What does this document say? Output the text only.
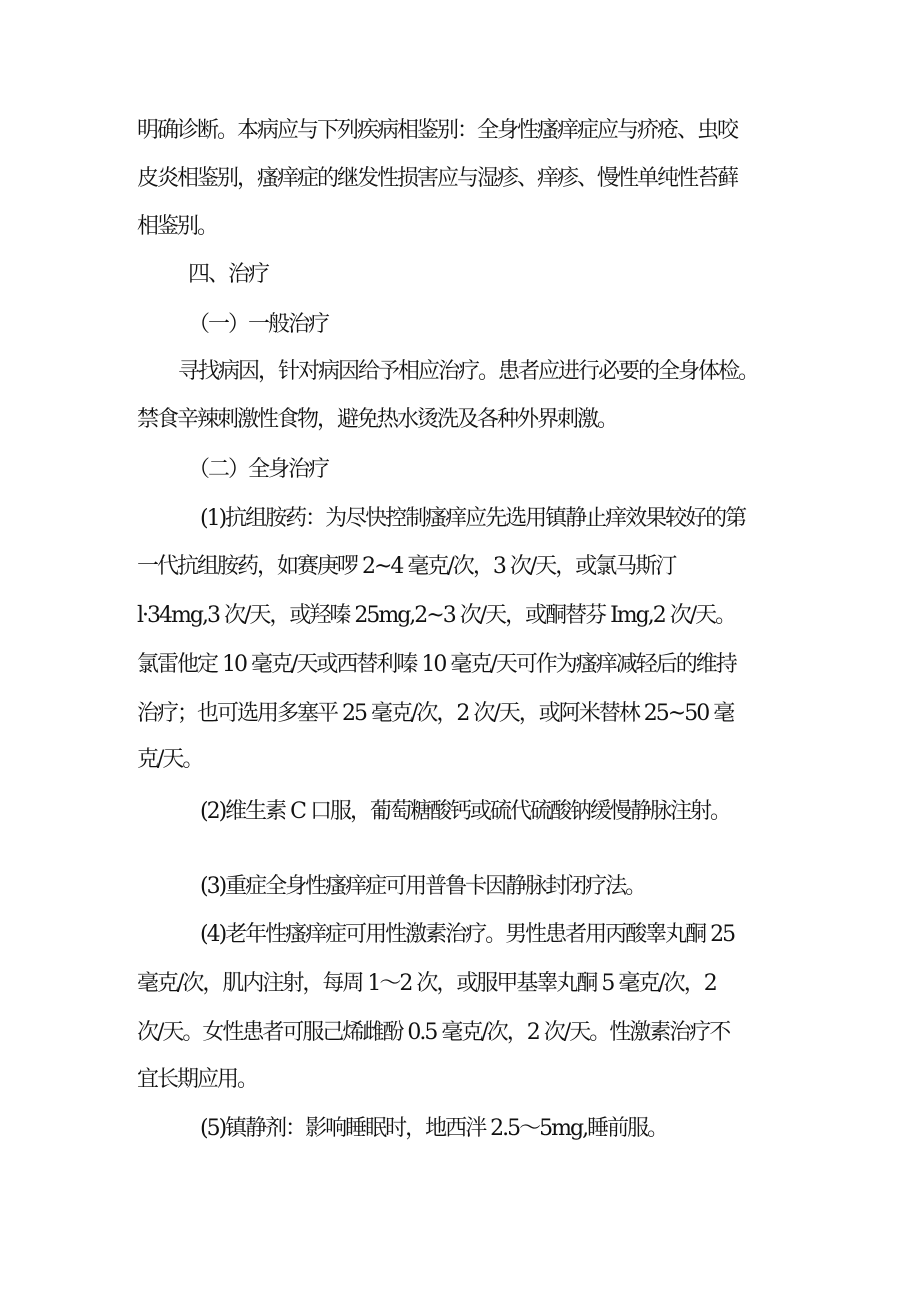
明确诊断。本病应与下列疾病相鉴别：全身性瘙痒症应与疥疮、虫咬
皮炎相鉴别，瘙痒症的继发性损害应与湿疹、痒疹、慢性单纯性苔藓
相鉴别。
四、治疗
（一）一般治疗
寻找病因，针对病因给予相应治疗。患者应进行必要的全身体检。
禁食辛辣刺激性食物，避免热水烫洗及各种外界刺激。
（二）全身治疗
(1)抗组胺药：为尽快控制瘙痒应先选用镇静止痒效果较好的第
一代抗组胺药，如赛庚啰 2~4 毫克/次，3 次/天，或氯马斯汀
l·34mg,3 次/天，或羟嗪 25mg,2~3 次/天，或酮替芬 Img,2 次/天。
氯雷他定 10 毫克/天或西替利嗪 10 毫克/天可作为瘙痒减轻后的维持
治疗；也可选用多塞平 25 毫克/次，2 次/天，或阿米替林 25~50 毫
克/天。
(2)维生素 C 口服，葡萄糖酸钙或硫代硫酸钠缓慢静脉注射。
(3)重症全身性瘙痒症可用普鲁卡因静脉封闭疗法。
(4)老年性瘙痒症可用性激素治疗。男性患者用丙酸睾丸酮 25
毫克/次，肌内注射，每周 1～2 次，或服甲基睾丸酮 5 毫克/次，2
次/天。女性患者可服己烯雌酚 0.5 毫克/次，2 次/天。性激素治疗不
宜长期应用。
(5)镇静剂：影响睡眠时，地西泮 2.5～5mg,睡前服。
